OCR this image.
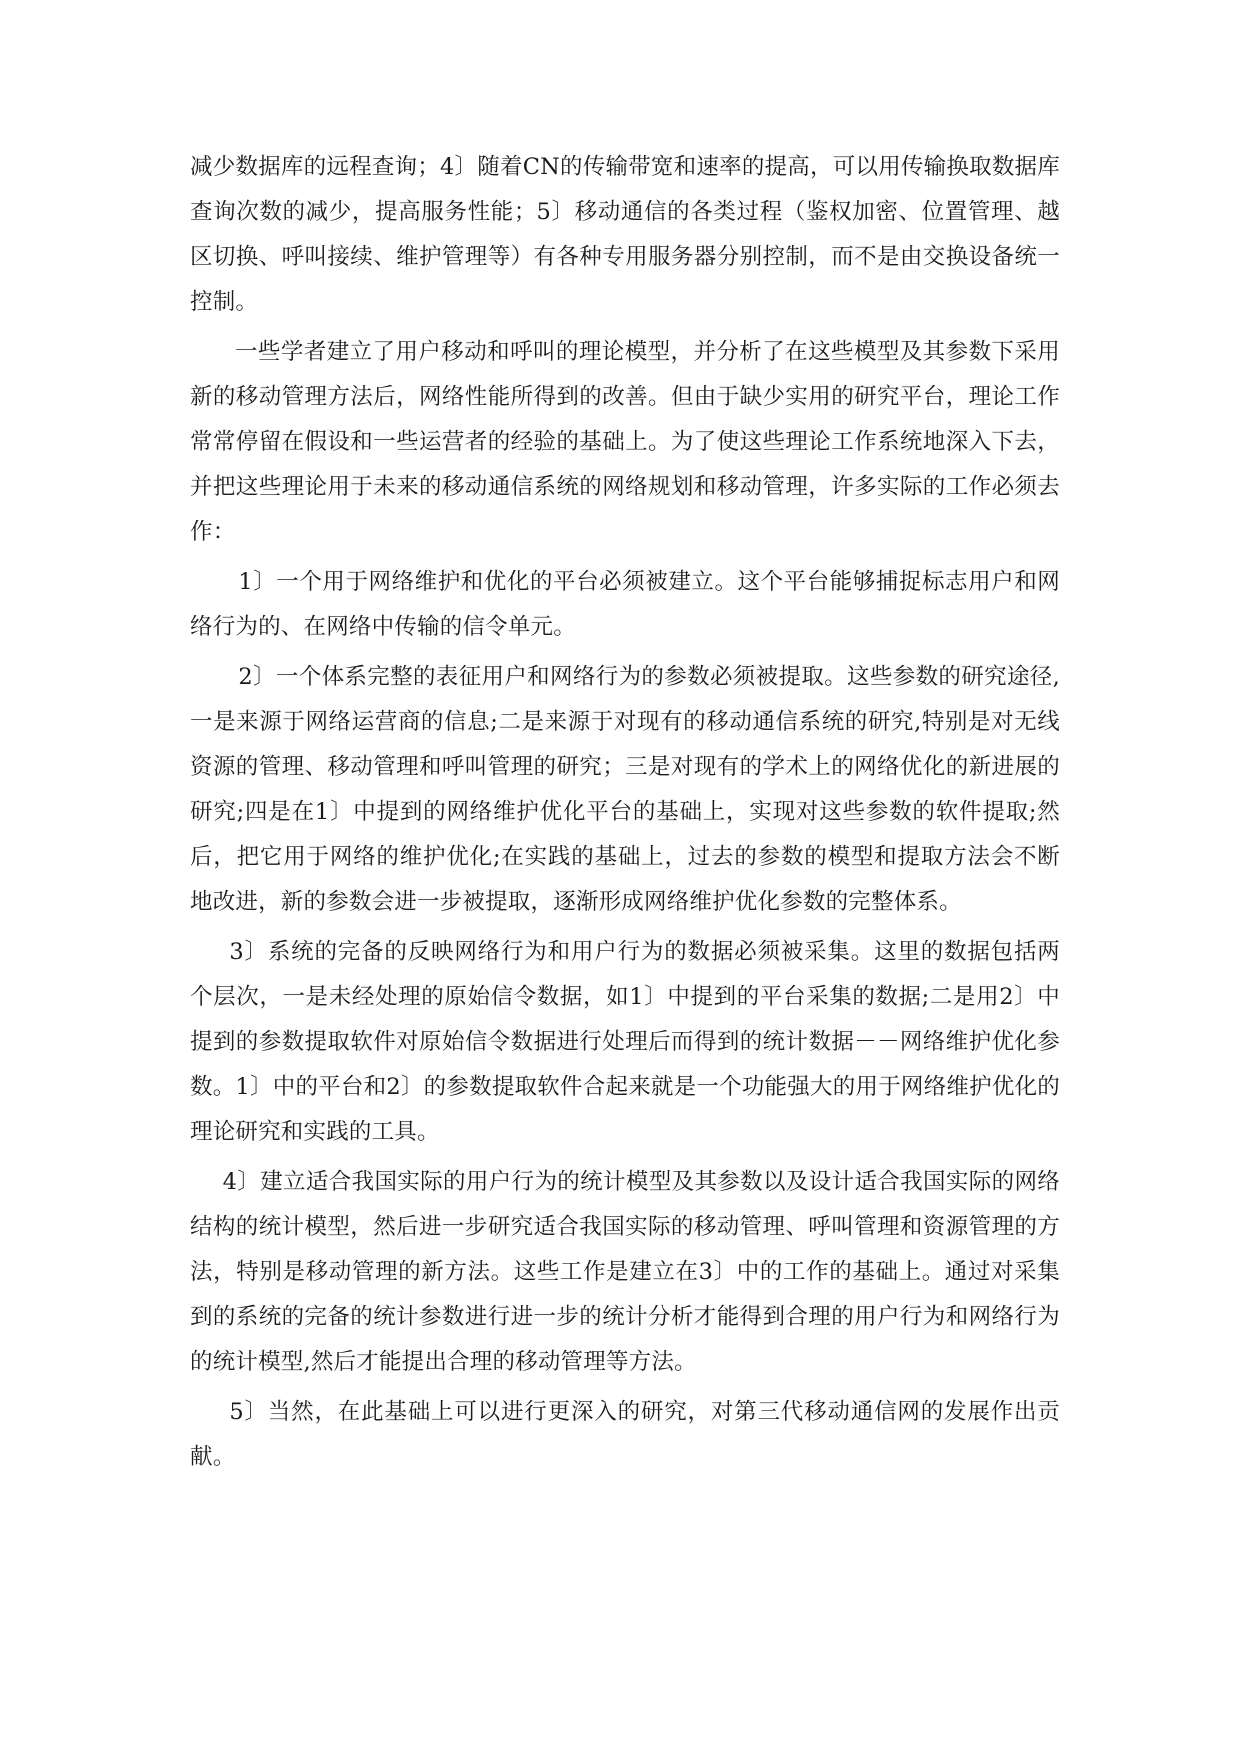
减少数据库的远程查询；4〕随着CN的传输带宽和速率的提高，可以用传输换取数据库查询次数的减少，提高服务性能；5〕移动通信的各类过程（鉴权加密、位置管理、越区切换、呼叫接续、维护管理等）有各种专用服务器分别控制，而不是由交换设备统一控制。

一些学者建立了用户移动和呼叫的理论模型，并分析了在这些模型及其参数下采用新的移动管理方法后，网络性能所得到的改善。但由于缺少实用的研究平台，理论工作常常停留在假设和一些运营者的经验的基础上。为了使这些理论工作系统地深入下去，并把这些理论用于未来的移动通信系统的网络规划和移动管理，许多实际的工作必须去作：

1〕一个用于网络维护和优化的平台必须被建立。这个平台能够捕捉标志用户和网络行为的、在网络中传输的信令单元。

2〕一个体系完整的表征用户和网络行为的参数必须被提取。这些参数的研究途径,一是来源于网络运营商的信息;二是来源于对现有的移动通信系统的研究,特别是对无线资源的管理、移动管理和呼叫管理的研究；三是对现有的学术上的网络优化的新进展的研究;四是在1〕中提到的网络维护优化平台的基础上，实现对这些参数的软件提取;然后，把它用于网络的维护优化;在实践的基础上，过去的参数的模型和提取方法会不断地改进，新的参数会进一步被提取，逐渐形成网络维护优化参数的完整体系。

3〕系统的完备的反映网络行为和用户行为的数据必须被采集。这里的数据包括两个层次，一是未经处理的原始信令数据，如1〕中提到的平台采集的数据;二是用2〕中提到的参数提取软件对原始信令数据进行处理后而得到的统计数据－－网络维护优化参数。1〕中的平台和2〕的参数提取软件合起来就是一个功能强大的用于网络维护优化的理论研究和实践的工具。

4〕建立适合我国实际的用户行为的统计模型及其参数以及设计适合我国实际的网络结构的统计模型，然后进一步研究适合我国实际的移动管理、呼叫管理和资源管理的方法，特别是移动管理的新方法。这些工作是建立在3〕中的工作的基础上。通过对采集到的系统的完备的统计参数进行进一步的统计分析才能得到合理的用户行为和网络行为的统计模型,然后才能提出合理的移动管理等方法。

5〕当然，在此基础上可以进行更深入的研究，对第三代移动通信网的发展作出贡献。
